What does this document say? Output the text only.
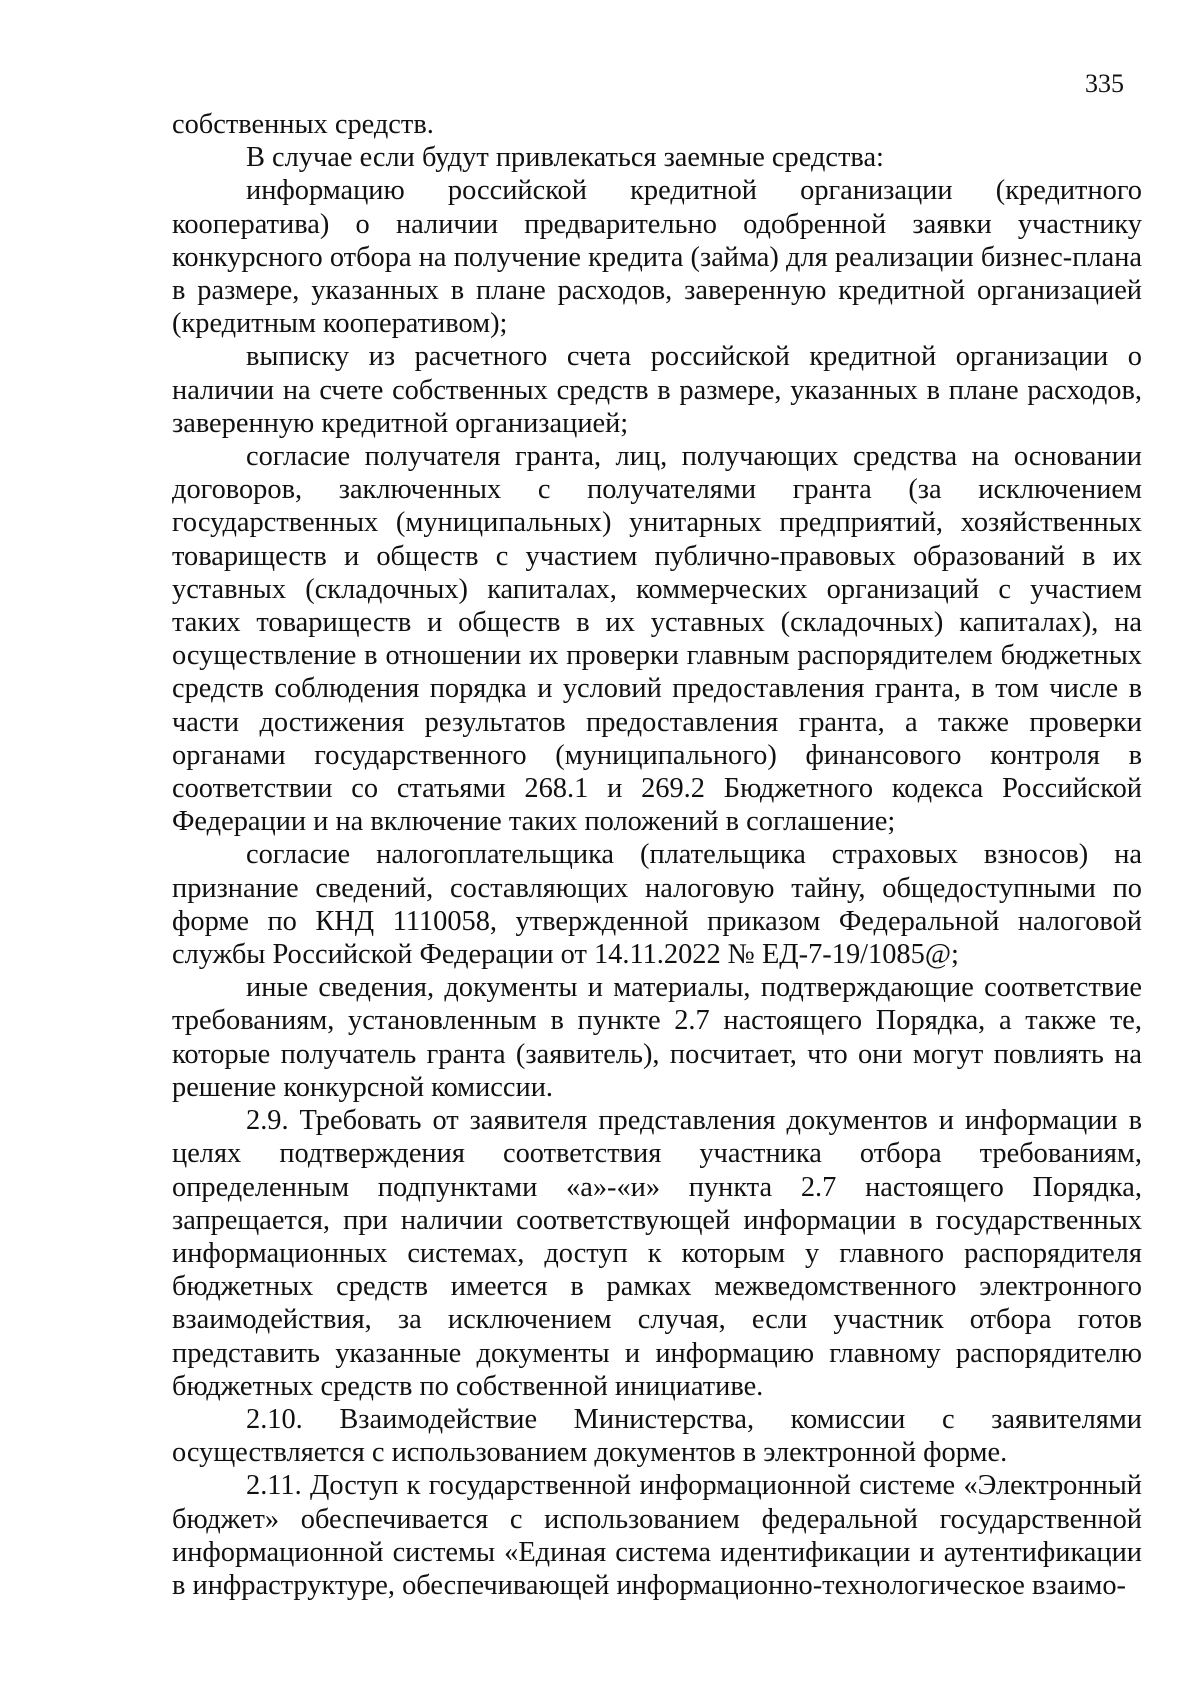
335

собственных средств.

В случае если будут привлекаться заемные средства:

информацию российской кредитной организации (кредитного кооператива) о наличии предварительно одобренной заявки участнику конкурсного отбора на получение кредита (займа) для реализации бизнес-плана в размере, указанных в плане расходов, заверенную кредитной организацией (кредитным кооперативом);

выписку из расчетного счета российской кредитной организации о наличии на счете собственных средств в размере, указанных в плане расходов, заверенную кредитной организацией;

согласие получателя гранта, лиц, получающих средства на основании договоров, заключенных с получателями гранта (за исключением государственных (муниципальных) унитарных предприятий, хозяйственных товариществ и обществ с участием публично-правовых образований в их уставных (складочных) капиталах, коммерческих организаций с участием таких товариществ и обществ в их уставных (складочных) капиталах), на осуществление в отношении их проверки главным распорядителем бюджетных средств соблюдения порядка и условий предоставления гранта, в том числе в части достижения результатов предоставления гранта, а также проверки органами государственного (муниципального) финансового контроля в соответствии со статьями 268.1 и 269.2 Бюджетного кодекса Российской Федерации и на включение таких положений в соглашение;

согласие налогоплательщика (плательщика страховых взносов) на признание сведений, составляющих налоговую тайну, общедоступными по форме по КНД 1110058, утвержденной приказом Федеральной налоговой службы Российской Федерации от 14.11.2022 № ЕД-7-19/1085@;

иные сведения, документы и материалы, подтверждающие соответствие требованиям, установленным в пункте 2.7 настоящего Порядка, а также те, которые получатель гранта (заявитель), посчитает, что они могут повлиять на решение конкурсной комиссии.

2.9. Требовать от заявителя представления документов и информации в целях подтверждения соответствия участника отбора требованиям, определенным подпунктами «а»-«и» пункта 2.7 настоящего Порядка, запрещается, при наличии соответствующей информации в государственных информационных системах, доступ к которым у главного распорядителя бюджетных средств имеется в рамках межведомственного электронного взаимодействия, за исключением случая, если участник отбора готов представить указанные документы и информацию главному распорядителю бюджетных средств по собственной инициативе.

2.10. Взаимодействие Министерства, комиссии с заявителями осуществляется с использованием документов в электронной форме.

2.11. Доступ к государственной информационной системе «Электронный бюджет» обеспечивается с использованием федеральной государственной информационной системы «Единая система идентификации и аутентификации в инфраструктуре, обеспечивающей информационно-технологическое взаимо-
